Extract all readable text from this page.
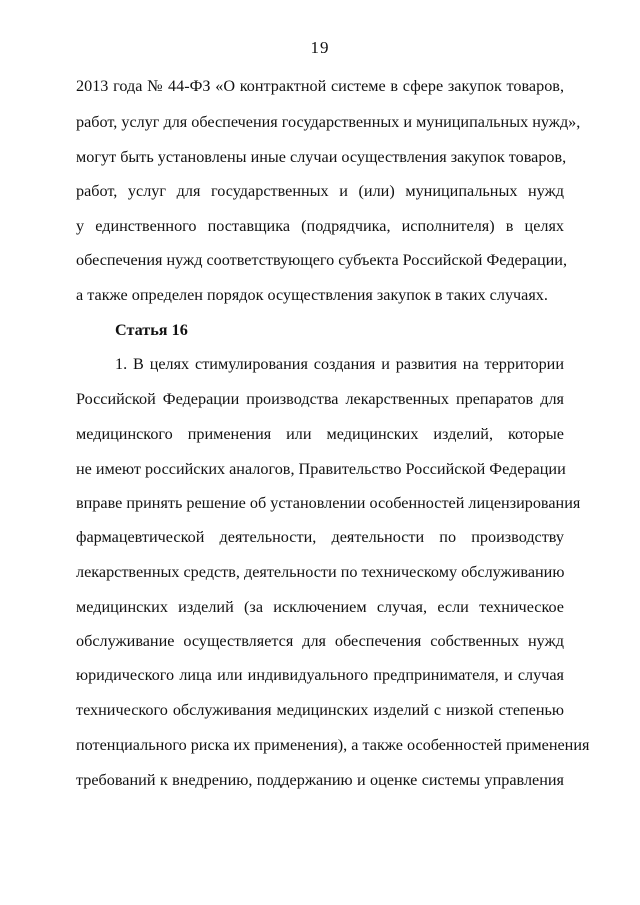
19
2013 года № 44-ФЗ «О контрактной системе в сфере закупок товаров,
работ, услуг для обеспечения государственных и муниципальных нужд»,
могут быть установлены иные случаи осуществления закупок товаров,
работ, услуг для государственных и (или) муниципальных нужд
у единственного поставщика (подрядчика, исполнителя) в целях
обеспечения нужд соответствующего субъекта Российской Федерации,
а также определен порядок осуществления закупок в таких случаях.
Статья 16
1. В целях стимулирования создания и развития на территории
Российской Федерации производства лекарственных препаратов для
медицинского применения или медицинских изделий, которые
не имеют российских аналогов, Правительство Российской Федерации
вправе принять решение об установлении особенностей лицензирования
фармацевтической деятельности, деятельности по производству
лекарственных средств, деятельности по техническому обслуживанию
медицинских изделий (за исключением случая, если техническое
обслуживание осуществляется для обеспечения собственных нужд
юридического лица или индивидуального предпринимателя, и случая
технического обслуживания медицинских изделий с низкой степенью
потенциального риска их применения), а также особенностей применения
требований к внедрению, поддержанию и оценке системы управления
